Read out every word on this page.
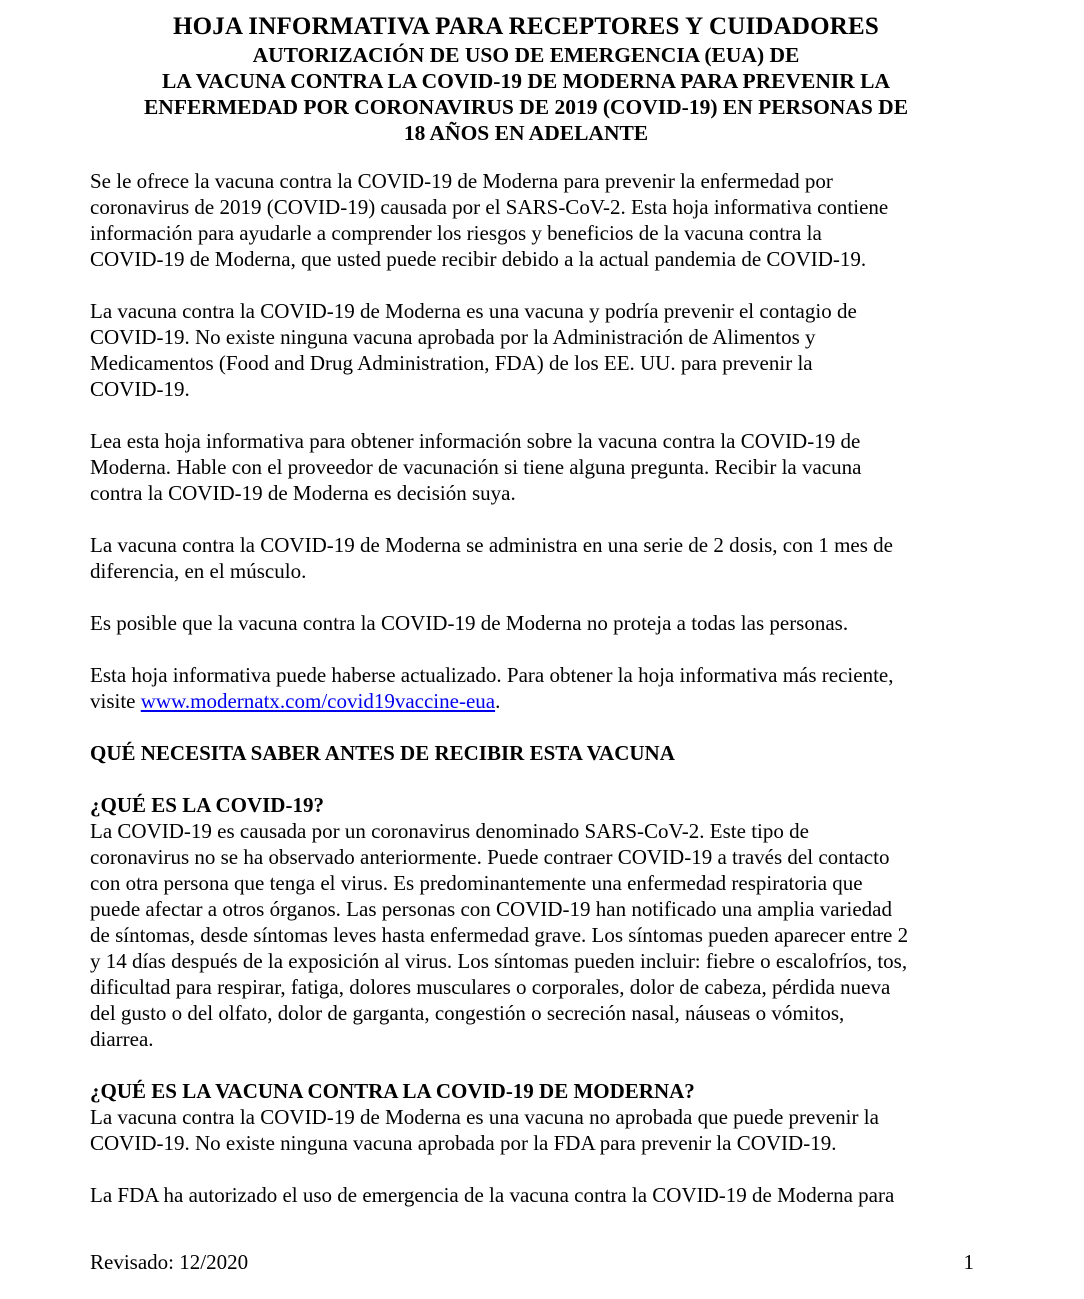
HOJA INFORMATIVA PARA RECEPTORES Y CUIDADORES
AUTORIZACIÓN DE USO DE EMERGENCIA (EUA) DE
LA VACUNA CONTRA LA COVID-19 DE MODERNA PARA PREVENIR LA
ENFERMEDAD POR CORONAVIRUS DE 2019 (COVID-19) EN PERSONAS DE
18 AÑOS EN ADELANTE

Se le ofrece la vacuna contra la COVID-19 de Moderna para prevenir la enfermedad por

coronavirus de 2019 (COVID-19) causada por el SARS-CoV-2. Esta hoja informativa contiene

información para ayudarle a comprender los riesgos y beneficios de la vacuna contra la

COVID-19 de Moderna, que usted puede recibir debido a la actual pandemia de COVID-19.

La vacuna contra la COVID-19 de Moderna es una vacuna y podría prevenir el contagio de

COVID-19. No existe ninguna vacuna aprobada por la Administración de Alimentos y

Medicamentos (Food and Drug Administration, FDA) de los EE. UU. para prevenir la

COVID-19.

Lea esta hoja informativa para obtener información sobre la vacuna contra la COVID-19 de

Moderna. Hable con el proveedor de vacunación si tiene alguna pregunta. Recibir la vacuna

contra la COVID-19 de Moderna es decisión suya.

La vacuna contra la COVID-19 de Moderna se administra en una serie de 2 dosis, con 1 mes de

diferencia, en el músculo.

Es posible que la vacuna contra la COVID-19 de Moderna no proteja a todas las personas.

Esta hoja informativa puede haberse actualizado. Para obtener la hoja informativa más reciente,

visite www.modernatx.com/covid19vaccine-eua.

QUÉ NECESITA SABER ANTES DE RECIBIR ESTA VACUNA

¿QUÉ ES LA COVID-19?

La COVID-19 es causada por un coronavirus denominado SARS-CoV-2. Este tipo de

coronavirus no se ha observado anteriormente. Puede contraer COVID-19 a través del contacto

con otra persona que tenga el virus. Es predominantemente una enfermedad respiratoria que

puede afectar a otros órganos. Las personas con COVID-19 han notificado una amplia variedad

de síntomas, desde síntomas leves hasta enfermedad grave. Los síntomas pueden aparecer entre 2

y 14 días después de la exposición al virus. Los síntomas pueden incluir: fiebre o escalofríos, tos,

dificultad para respirar, fatiga, dolores musculares o corporales, dolor de cabeza, pérdida nueva

del gusto o del olfato, dolor de garganta, congestión o secreción nasal, náuseas o vómitos,

diarrea.

¿QUÉ ES LA VACUNA CONTRA LA COVID-19 DE MODERNA?

La vacuna contra la COVID-19 de Moderna es una vacuna no aprobada que puede prevenir la

COVID-19. No existe ninguna vacuna aprobada por la FDA para prevenir la COVID-19.

La FDA ha autorizado el uso de emergencia de la vacuna contra la COVID-19 de Moderna para

Revisado: 12/2020	1
